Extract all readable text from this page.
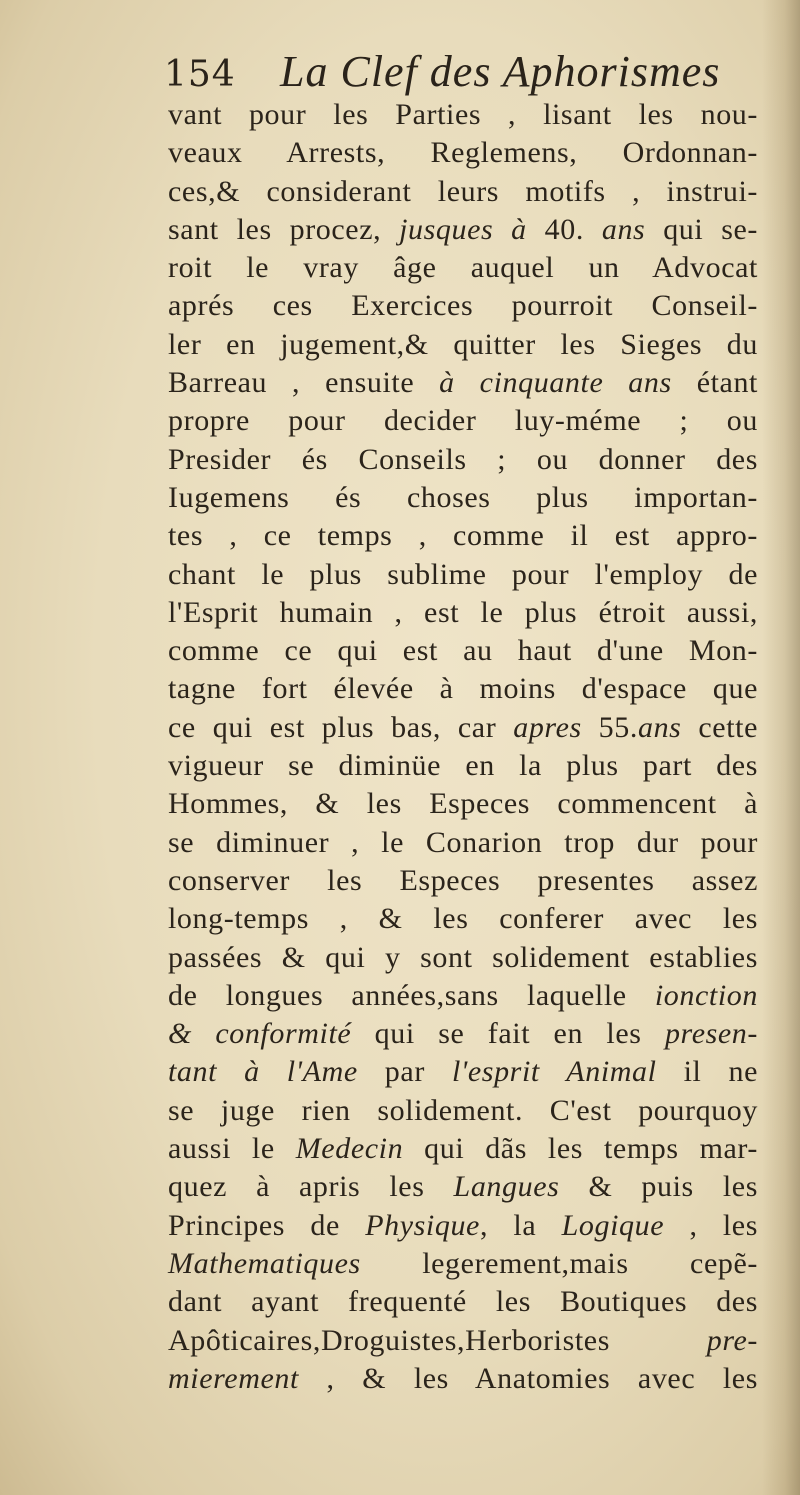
154 La Clef des Aphorismes
vant pour les Parties , lisant les nou-
veaux Arrests, Reglemens, Ordonnan-
ces,& considerant leurs motifs , instrui-
sant les procez, jusques à 40. ans qui se-
roit le vray âge auquel un Advocat
aprés ces Exercices pourroit Conseil-
ler en jugement,& quitter les Sieges du
Barreau , ensuite à cinquante ans étant
propre pour decider luy-méme ; ou
Presider és Conseils ; ou donner des
Iugemens és choses plus importan-
tes , ce temps , comme il est appro-
chant le plus sublime pour l'employ de
l'Esprit humain , est le plus étroit aussi,
comme ce qui est au haut d'une Mon-
tagne fort élevée à moins d'espace que
ce qui est plus bas, car apres 55.ans cette
vigueur se diminüe en la plus part des
Hommes, & les Especes commencent à
se diminuer , le Conarion trop dur pour
conserver les Especes presentes assez
long-temps , & les conferer avec les
passées & qui y sont solidement establies
de longues années,sans laquelle ionction
& conformité qui se fait en les presen-
tant à l'Ame par l'esprit Animal il ne
se juge rien solidement. C'est pourquoy
aussi le Medecin qui dãs les temps mar-
quez à apris les Langues & puis les
Principes de Physique, la Logique , les
Mathematiques legerement,mais cepẽ-
dant ayant frequenté les Boutiques des
Apôticaires,Droguistes,Herboristes pre-
mierement , & les Anatomies avec les
